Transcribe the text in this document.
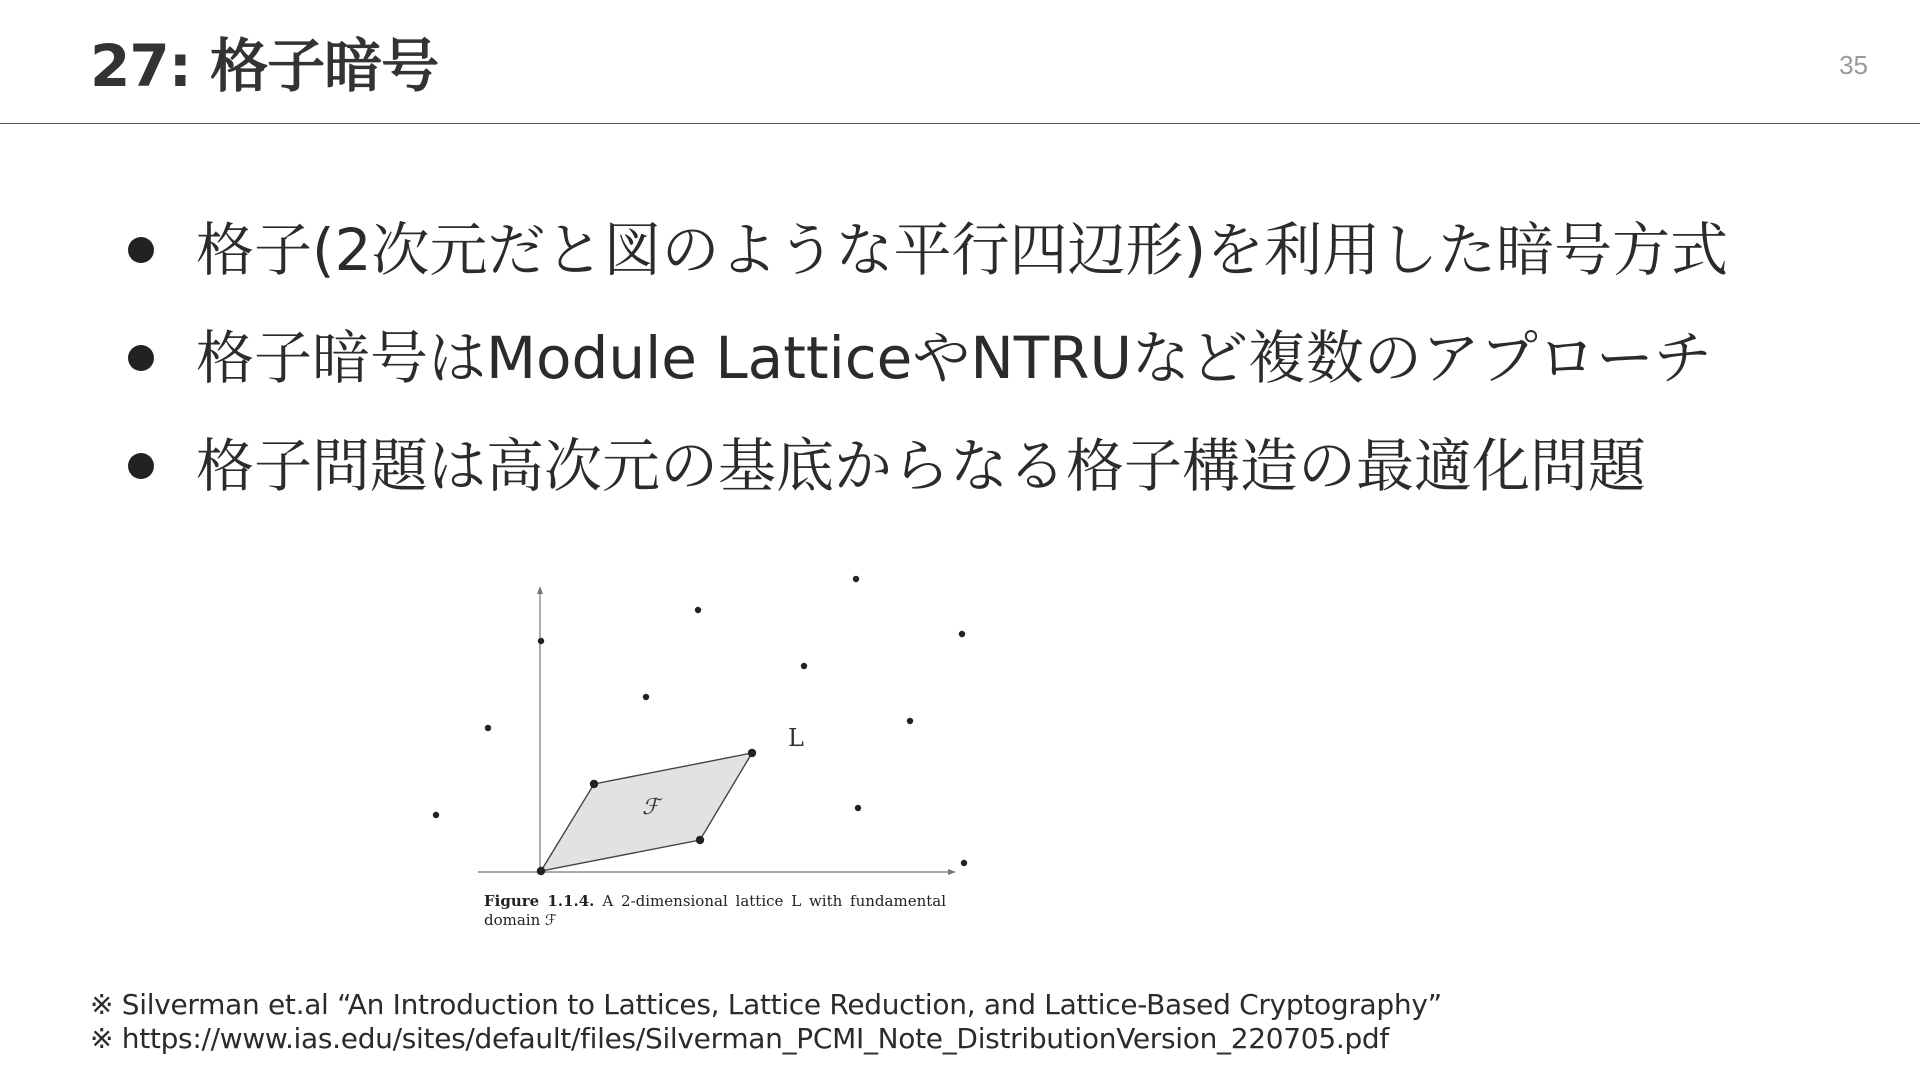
27: 格子暗号	35
格子(2次元だと図のような平行四辺形)を利用した暗号方式
格子暗号はModule LatticeやNTRUなど複数のアプローチ
格子問題は高次元の基底からなる格子構造の最適化問題
ℱ
L

Figure 1.1.4. A 2-dimensional lattice L with fundamental domain ℱ

※ Silverman et.al “An Introduction to Lattices, Lattice Reduction, and Lattice-Based Cryptography”
※ https://www.ias.edu/sites/default/files/Silverman_PCMI_Note_DistributionVersion_220705.pdf
